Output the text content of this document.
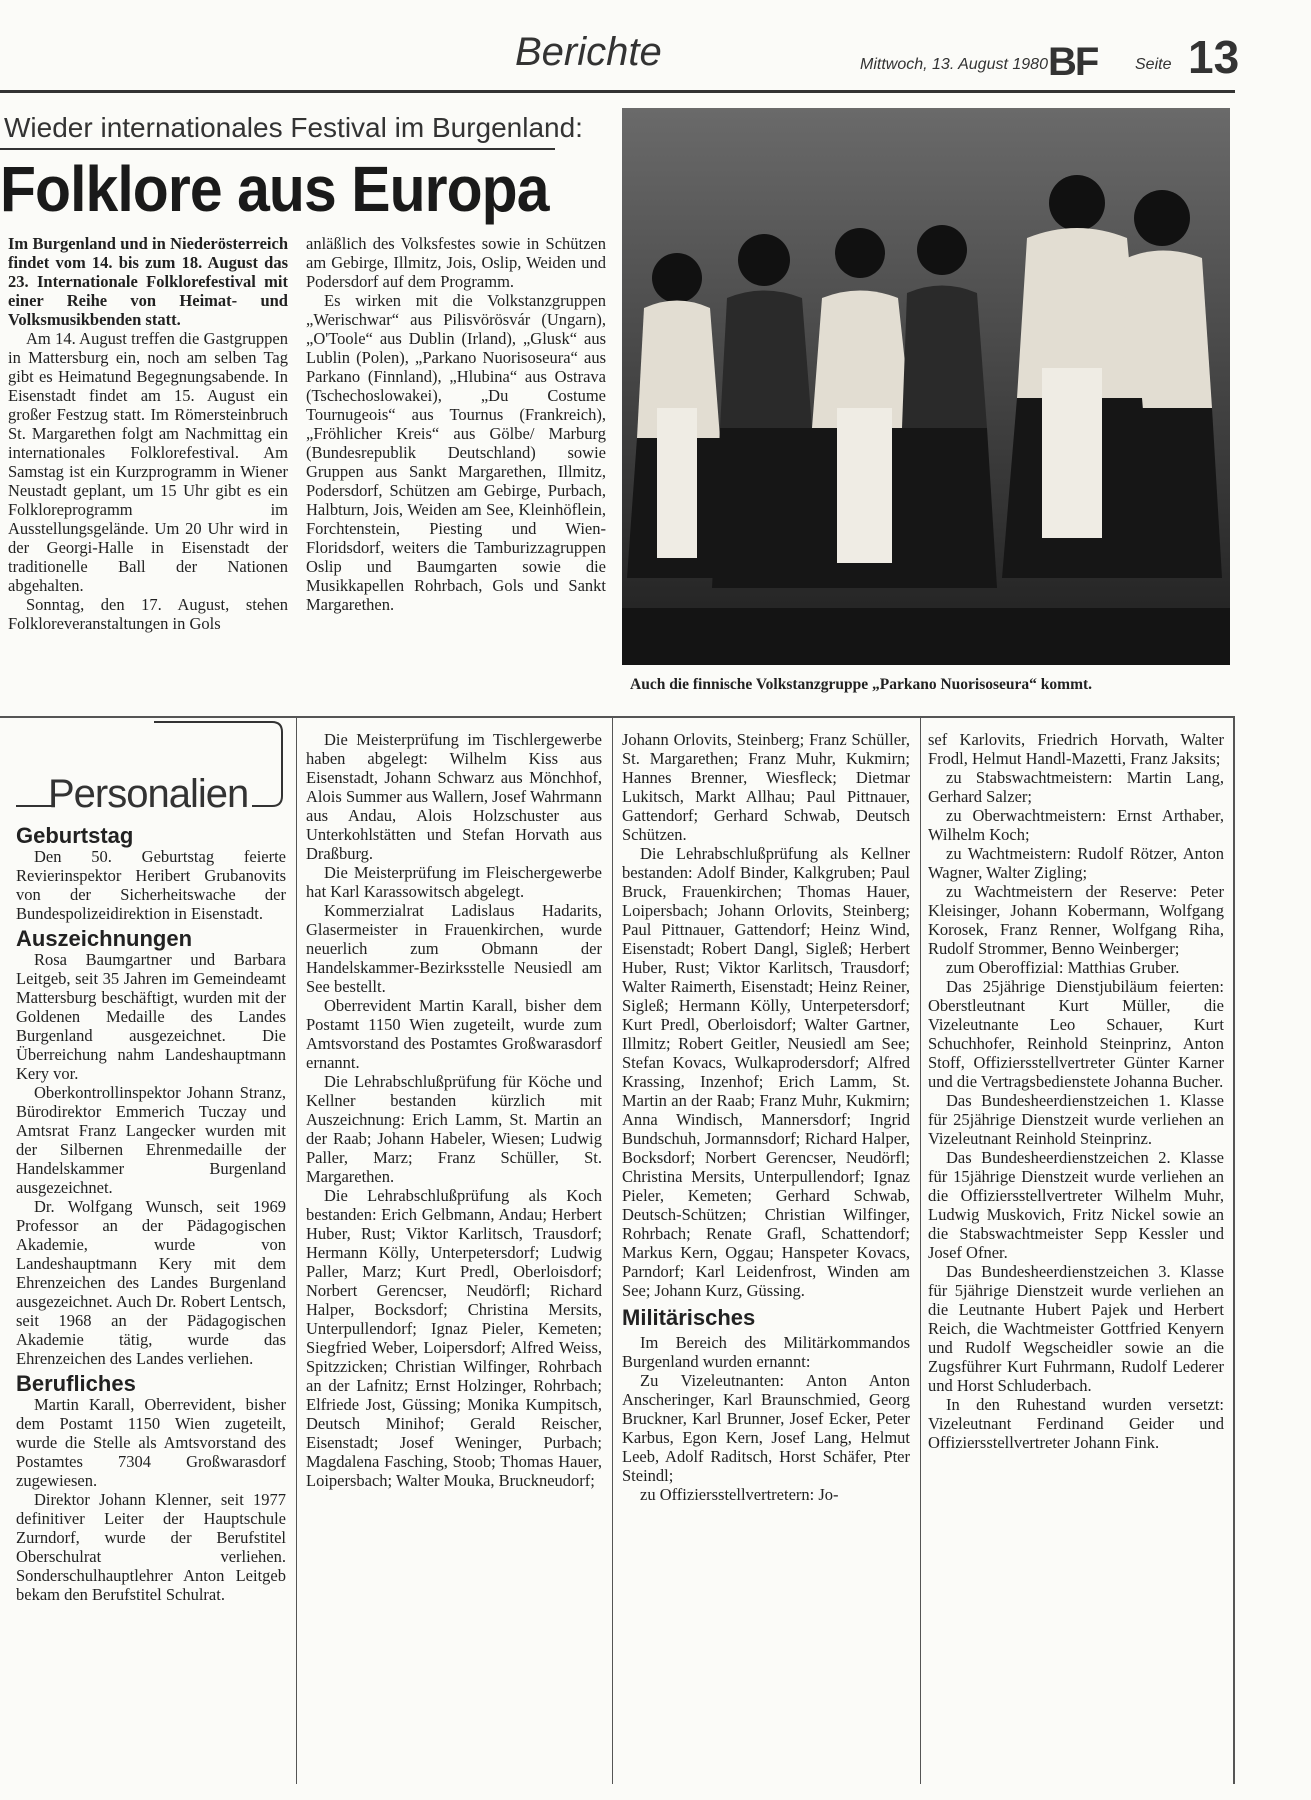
Berichte	Mittwoch, 13. August 1980 BF Seite 13
Wieder internationales Festival im Burgenland:
Folklore aus Europa

Im Burgenland und in Niederösterreich findet vom 14. bis zum 18. August das 23. Internationale Folklorefestival mit einer Reihe von Heimat- und Volksmusikbenden statt.

Am 14. August treffen die Gastgruppen in Mattersburg ein, noch am selben Tag gibt es Heimatund Begegnungsabende. In Eisenstadt findet am 15. August ein großer Festzug statt. Im Römersteinbruch St. Margarethen folgt am Nachmittag ein internationales Folklorefestival. Am Samstag ist ein Kurzprogramm in Wiener Neustadt geplant, um 15 Uhr gibt es ein Folkloreprogramm im Ausstellungsgelände. Um 20 Uhr wird in der Georgi-Halle in Eisenstadt der traditionelle Ball der Nationen abgehalten.

Sonntag, den 17. August, stehen Folkloreveranstaltungen in Gols

anläßlich des Volksfestes sowie in Schützen am Gebirge, Illmitz, Jois, Oslip, Weiden und Podersdorf auf dem Programm.

Es wirken mit die Volkstanzgruppen „Werischwar“ aus Pilisvörösvár (Ungarn), „O'Toole“ aus Dublin (Irland), „Glusk“ aus Lublin (Polen), „Parkano Nuorisoseura“ aus Parkano (Finnland), „Hlubina“ aus Ostrava (Tschechoslowakei), „Du Costume Tournugeois“ aus Tournus (Frankreich), „Fröhlicher Kreis“ aus Gölbe/ Marburg (Bundesrepublik Deutschland) sowie Gruppen aus Sankt Margarethen, Illmitz, Podersdorf, Schützen am Gebirge, Purbach, Halbturn, Jois, Weiden am See, Kleinhöflein, Forchtenstein, Piesting und Wien-Floridsdorf, weiters die Tamburizzagruppen Oslip und Baumgarten sowie die Musikkapellen Rohrbach, Gols und Sankt Margarethen.

Auch die finnische Volkstanzgruppe „Parkano Nuorisoseura“ kommt.
Personalien
Geburtstag

Den 50. Geburtstag feierte Revierinspektor Heribert Grubanovits von der Sicherheitswache der Bundespolizeidirektion in Eisenstadt.

Auszeichnungen

Rosa Baumgartner und Barbara Leitgeb, seit 35 Jahren im Gemeindeamt Mattersburg beschäftigt, wurden mit der Goldenen Medaille des Landes Burgenland ausgezeichnet. Die Überreichung nahm Landeshauptmann Kery vor.

Oberkontrollinspektor Johann Stranz, Bürodirektor Emmerich Tuczay und Amtsrat Franz Langecker wurden mit der Silbernen Ehrenmedaille der Handelskammer Burgenland ausgezeichnet.

Dr. Wolfgang Wunsch, seit 1969 Professor an der Pädagogischen Akademie, wurde von Landeshauptmann Kery mit dem Ehrenzeichen des Landes Burgenland ausgezeichnet. Auch Dr. Robert Lentsch, seit 1968 an der Pädagogischen Akademie tätig, wurde das Ehrenzeichen des Landes verliehen.

Berufliches

Martin Karall, Oberrevident, bisher dem Postamt 1150 Wien zugeteilt, wurde die Stelle als Amtsvorstand des Postamtes 7304 Großwarasdorf zugewiesen.

Direktor Johann Klenner, seit 1977 definitiver Leiter der Hauptschule Zurndorf, wurde der Berufstitel Oberschulrat verliehen. Sonderschulhauptlehrer Anton Leitgeb bekam den Berufstitel Schulrat.

Die Meisterprüfung im Tischlergewerbe haben abgelegt: Wilhelm Kiss aus Eisenstadt, Johann Schwarz aus Mönchhof, Alois Summer aus Wallern, Josef Wahrmann aus Andau, Alois Holzschuster aus Unterkohlstätten und Stefan Horvath aus Draßburg.

Die Meisterprüfung im Fleischergewerbe hat Karl Karassowitsch abgelegt.

Kommerzialrat Ladislaus Hadarits, Glasermeister in Frauenkirchen, wurde neuerlich zum Obmann der Handelskammer-Bezirksstelle Neusiedl am See bestellt.

Oberrevident Martin Karall, bisher dem Postamt 1150 Wien zugeteilt, wurde zum Amtsvorstand des Postamtes Großwarasdorf ernannt.

Die Lehrabschlußprüfung für Köche und Kellner bestanden kürzlich mit Auszeichnung: Erich Lamm, St. Martin an der Raab; Johann Habeler, Wiesen; Ludwig Paller, Marz; Franz Schüller, St. Margarethen.

Die Lehrabschlußprüfung als Koch bestanden: Erich Gelbmann, Andau; Herbert Huber, Rust; Viktor Karlitsch, Trausdorf; Hermann Kölly, Unterpetersdorf; Ludwig Paller, Marz; Kurt Predl, Oberloisdorf; Norbert Gerencser, Neudörfl; Richard Halper, Bocksdorf; Christina Mersits, Unterpullendorf; Ignaz Pieler, Kemeten; Siegfried Weber, Loipersdorf; Alfred Weiss, Spitzzicken; Christian Wilfinger, Rohrbach an der Lafnitz; Ernst Holzinger, Rohrbach; Elfriede Jost, Güssing; Monika Kumpitsch, Deutsch Minihof; Gerald Reischer, Eisenstadt; Josef Weninger, Purbach; Magdalena Fasching, Stoob; Thomas Hauer, Loipersbach; Walter Mouka, Bruckneudorf;

Johann Orlovits, Steinberg; Franz Schüller, St. Margarethen; Franz Muhr, Kukmirn; Hannes Brenner, Wiesfleck; Dietmar Lukitsch, Markt Allhau; Paul Pittnauer, Gattendorf; Gerhard Schwab, Deutsch Schützen.

Die Lehrabschlußprüfung als Kellner bestanden: Adolf Binder, Kalkgruben; Paul Bruck, Frauenkirchen; Thomas Hauer, Loipersbach; Johann Orlovits, Steinberg; Paul Pittnauer, Gattendorf; Heinz Wind, Eisenstadt; Robert Dangl, Sigleß; Herbert Huber, Rust; Viktor Karlitsch, Trausdorf; Walter Raimerth, Eisenstadt; Heinz Reiner, Sigleß; Hermann Kölly, Unterpetersdorf; Kurt Predl, Oberloisdorf; Walter Gartner, Illmitz; Robert Geitler, Neusiedl am See; Stefan Kovacs, Wulkaprodersdorf; Alfred Krassing, Inzenhof; Erich Lamm, St. Martin an der Raab; Franz Muhr, Kukmirn; Anna Windisch, Mannersdorf; Ingrid Bundschuh, Jormannsdorf; Richard Halper, Bocksdorf; Norbert Gerencser, Neudörfl; Christina Mersits, Unterpullendorf; Ignaz Pieler, Kemeten; Gerhard Schwab, Deutsch-Schützen; Christian Wilfinger, Rohrbach; Renate Grafl, Schattendorf; Markus Kern, Oggau; Hanspeter Kovacs, Parndorf; Karl Leidenfrost, Winden am See; Johann Kurz, Güssing.

Militärisches

Im Bereich des Militärkommandos Burgenland wurden ernannt:

Zu Vizeleutnanten: Anton Anton Anscheringer, Karl Braunschmied, Georg Bruckner, Karl Brunner, Josef Ecker, Peter Karbus, Egon Kern, Josef Lang, Helmut Leeb, Adolf Raditsch, Horst Schäfer, Pter Steindl;

zu Offiziersstellvertretern: Jo-

sef Karlovits, Friedrich Horvath, Walter Frodl, Helmut Handl-Mazetti, Franz Jaksits;

zu Stabswachtmeistern: Martin Lang, Gerhard Salzer;

zu Oberwachtmeistern: Ernst Arthaber, Wilhelm Koch;

zu Wachtmeistern: Rudolf Rötzer, Anton Wagner, Walter Zigling;

zu Wachtmeistern der Reserve: Peter Kleisinger, Johann Kobermann, Wolfgang Korosek, Franz Renner, Wolfgang Riha, Rudolf Strommer, Benno Weinberger;

zum Oberoffizial: Matthias Gruber.

Das 25jährige Dienstjubiläum feierten: Oberstleutnant Kurt Müller, die Vizeleutnante Leo Schauer, Kurt Schuchhofer, Reinhold Steinprinz, Anton Stoff, Offiziersstellvertreter Günter Karner und die Vertragsbedienstete Johanna Bucher.

Das Bundesheerdienstzeichen 1. Klasse für 25jährige Dienstzeit wurde verliehen an Vizeleutnant Reinhold Steinprinz.

Das Bundesheerdienstzeichen 2. Klasse für 15jährige Dienstzeit wurde verliehen an die Offiziersstellvertreter Wilhelm Muhr, Ludwig Muskovich, Fritz Nickel sowie an die Stabswachtmeister Sepp Kessler und Josef Ofner.

Das Bundesheerdienstzeichen 3. Klasse für 5jährige Dienstzeit wurde verliehen an die Leutnante Hubert Pajek und Herbert Reich, die Wachtmeister Gottfried Kenyern und Rudolf Wegscheidler sowie an die Zugsführer Kurt Fuhrmann, Rudolf Lederer und Horst Schluderbach.

In den Ruhestand wurden versetzt: Vizeleutnant Ferdinand Geider und Offiziersstellvertreter Johann Fink.
